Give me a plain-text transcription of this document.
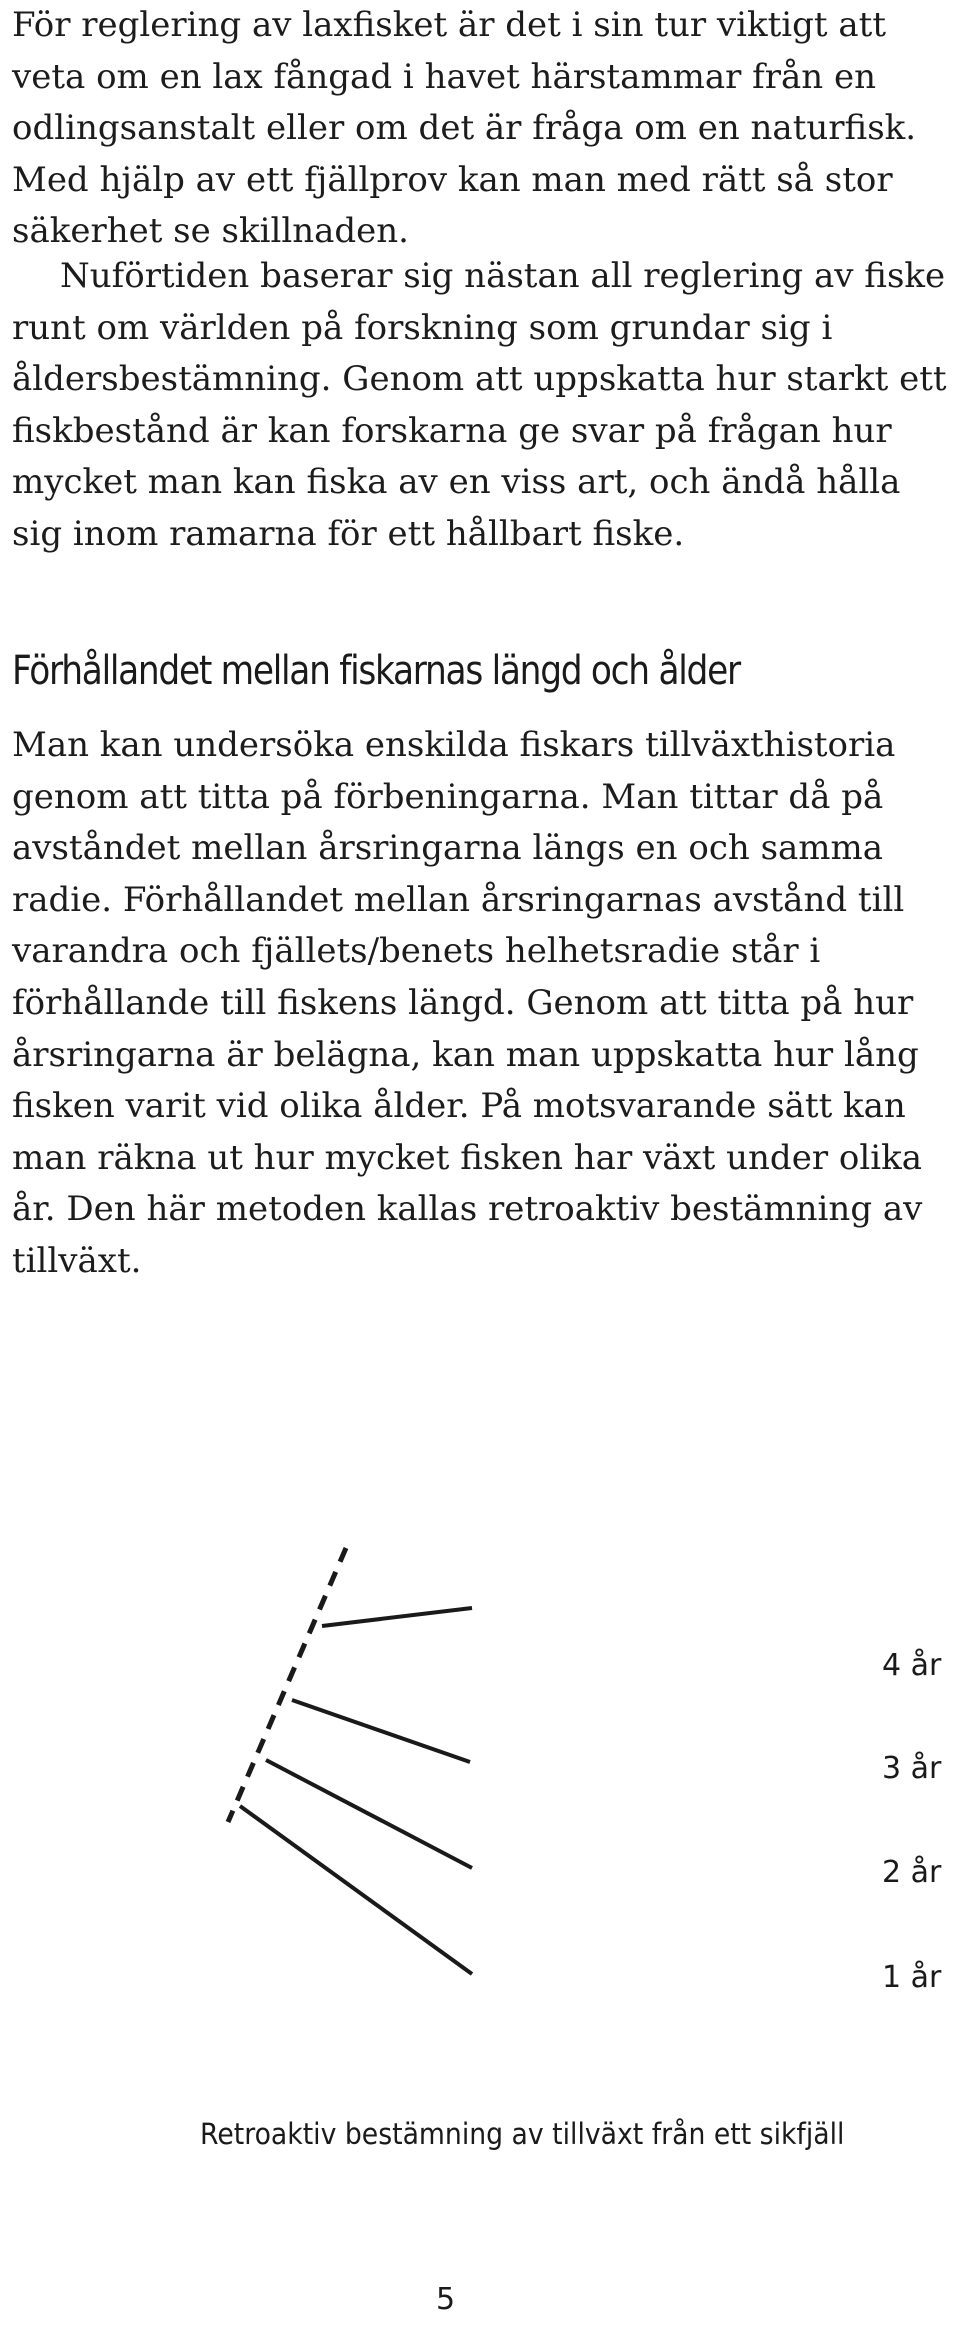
För reglering av laxfisket är det i sin tur viktigt att veta om en lax fångad i havet härstammar från en odlingsanstalt eller om det är fråga om en naturfisk. Med hjälp av ett fjällprov kan man med rätt så stor säkerhet se skillnaden.

Nuförtiden baserar sig nästan all reglering av fiske runt om världen på forskning som grundar sig i åldersbestämning. Genom att uppskatta hur starkt ett fiskbestånd är kan forskarna ge svar på frågan hur mycket man kan fiska av en viss art, och ändå hålla sig inom ramarna för ett hållbart fiske.

Förhållandet mellan fiskarnas längd och ålder

Man kan undersöka enskilda fiskars tillväxthistoria genom att titta på förbeningarna. Man tittar då på avståndet mellan årsringarna längs en och samma radie. Förhållandet mellan årsringarnas avstånd till varandra och fjällets/benets helhetsradie står i förhållande till fiskens längd. Genom att titta på hur årsringarna är belägna, kan man uppskatta hur lång fisken varit vid olika ålder. På motsvarande sätt kan man räkna ut hur mycket fisken har växt under olika år. Den här metoden kallas retroaktiv bestämning av tillväxt.

4 år
3 år
2 år
1 år
Retroaktiv bestämning av tillväxt från ett sikfjäll
5
